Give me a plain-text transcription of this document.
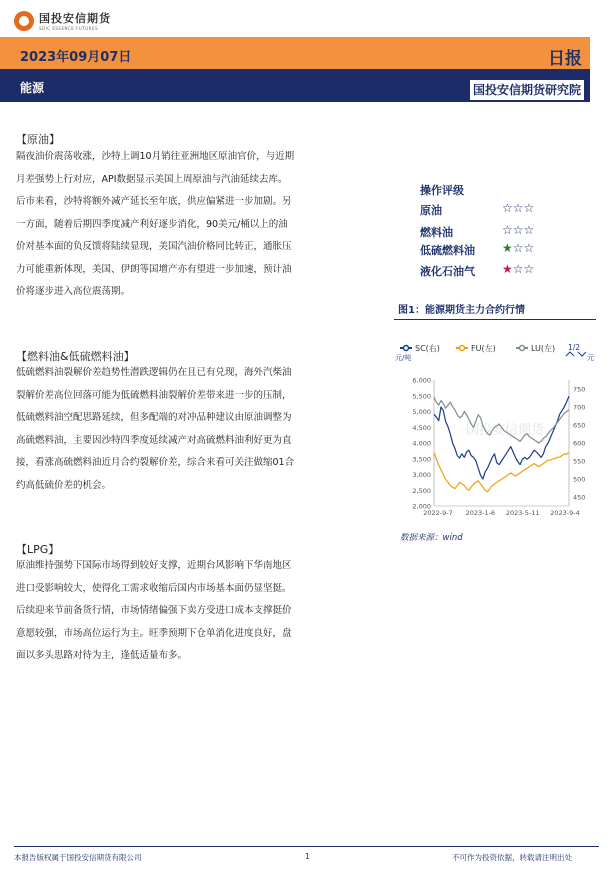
国投安信期货
SDIC ESSENCE FUTURES
2023年09月07日	日报
能源	国投安信期货研究院
【原油】
隔夜油价震荡收涨，沙特上调10月销往亚洲地区原油官价，与近期
月差强势上行对应，API数据显示美国上周原油与汽油延续去库。
后市来看，沙特将额外减产延长至年底，供应偏紧进一步加剧。另
一方面，随着后期四季度减产利好逐步消化，90美元/桶以上的油
价对基本面的负反馈将陆续显现，美国汽油价格同比转正，通胀压
力可能重新体现，美国、伊朗等国增产亦有望进一步加速，预计油
价将逐步进入高位震荡期。
【燃料油&低硫燃料油】
低硫燃料油裂解价差趋势性潜跌逻辑仍在且已有兑现，海外汽柴油
裂解价差高位回落可能为低硫燃料油裂解价差带来进一步的压制，
低硫燃料油空配思路延续，但多配端的对冲品种建议由原油调整为
高硫燃料油，主要因沙特四季度延续减产对高硫燃料油利好更为直
接，看涨高硫燃料油近月合约裂解价差，综合来看可关注做缩01合
约高低硫价差的机会。
【LPG】
原油维持强势下国际市场得到较好支撑，近期台风影响下华南地区
进口受影响较大，使得化工需求收缩后国内市场基本面仍显坚挺。
后续迎来节前备货行情，市场情绪偏强下卖方受进口成本支撑挺价
意愿较强，市场高位运行为主。旺季预期下仓单消化进度良好，盘
面以多头思路对待为主，逢低适量布多。
操作评级
原油	☆☆☆
燃料油	☆☆☆
低硫燃料油 ★☆☆
液化石油气 ★☆☆
图1：能源期货主力合约行情
SC(右)	FU(左)	LU(左) 1/2
元/吨	元
国投安信期货
6,000
5,500
5,000
4,500
4,000
3,500
3,000
2,500
2,000
750
700
650
600
550
500
450
2022-9-7 2023-1-6 2023-5-11 2023-9-4
数据来源：wind
本报告版权属于国投安信期货有限公司	1	不可作为投资依据，转载请注明出处
